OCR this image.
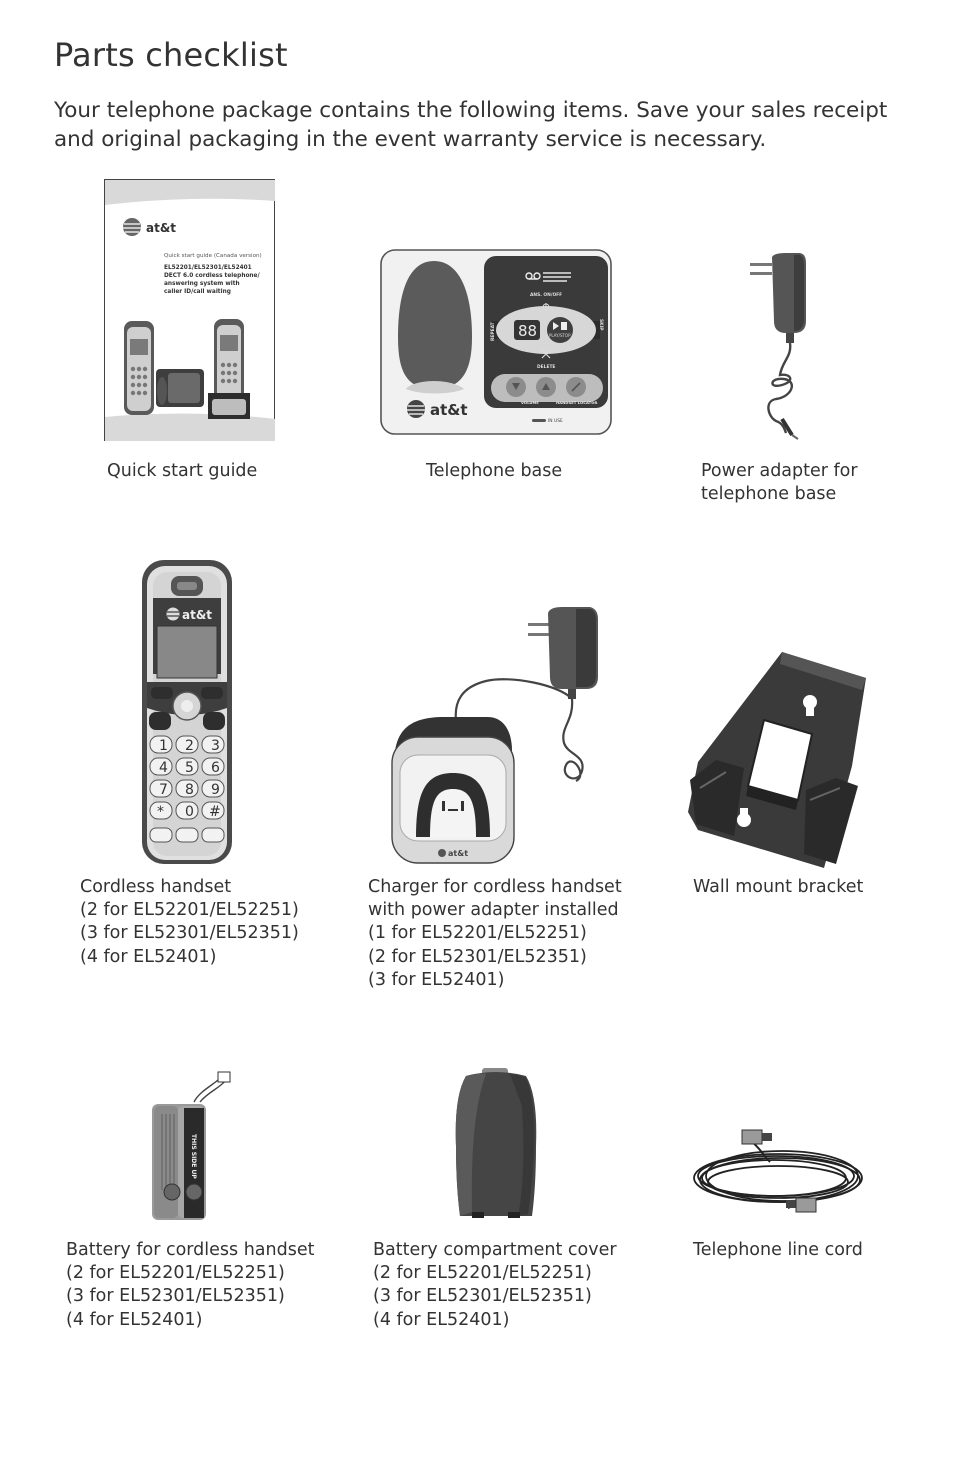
Parts checklist

Your telephone package contains the following items. Save your sales receipt and original packaging in the event warranty service is necessary.

at&t
Quick start guide (Canada version)
EL52201/EL52301/EL52401
DECT 6.0 cordless telephone/
answering system with
caller ID/call waiting
Quick start guide
88	PLAY/STOP
ANS. ON/OFF
DELETE
REPEAT	SKIP
VOLUME	HANDSET LOCATOR
IN USE
at&t
Telephone base	Power adapter for
telephone base
at&t
1 2 3
4 5 6
7 8 9
* 0 #
Cordless handset
(2 for EL52201/EL52251)
(3 for EL52301/EL52351)
(4 for EL52401)
at&t
Charger for cordless handset
with power adapter installed
(1 for EL52201/EL52251)
(2 for EL52301/EL52351)
(3 for EL52401)
Wall mount bracket
THIS SIDE UP
Battery for cordless handset
(2 for EL52201/EL52251)
(3 for EL52301/EL52351)
(4 for EL52401)
Battery compartment cover
(2 for EL52201/EL52251)
(3 for EL52301/EL52351)
(4 for EL52401)
Telephone line cord
